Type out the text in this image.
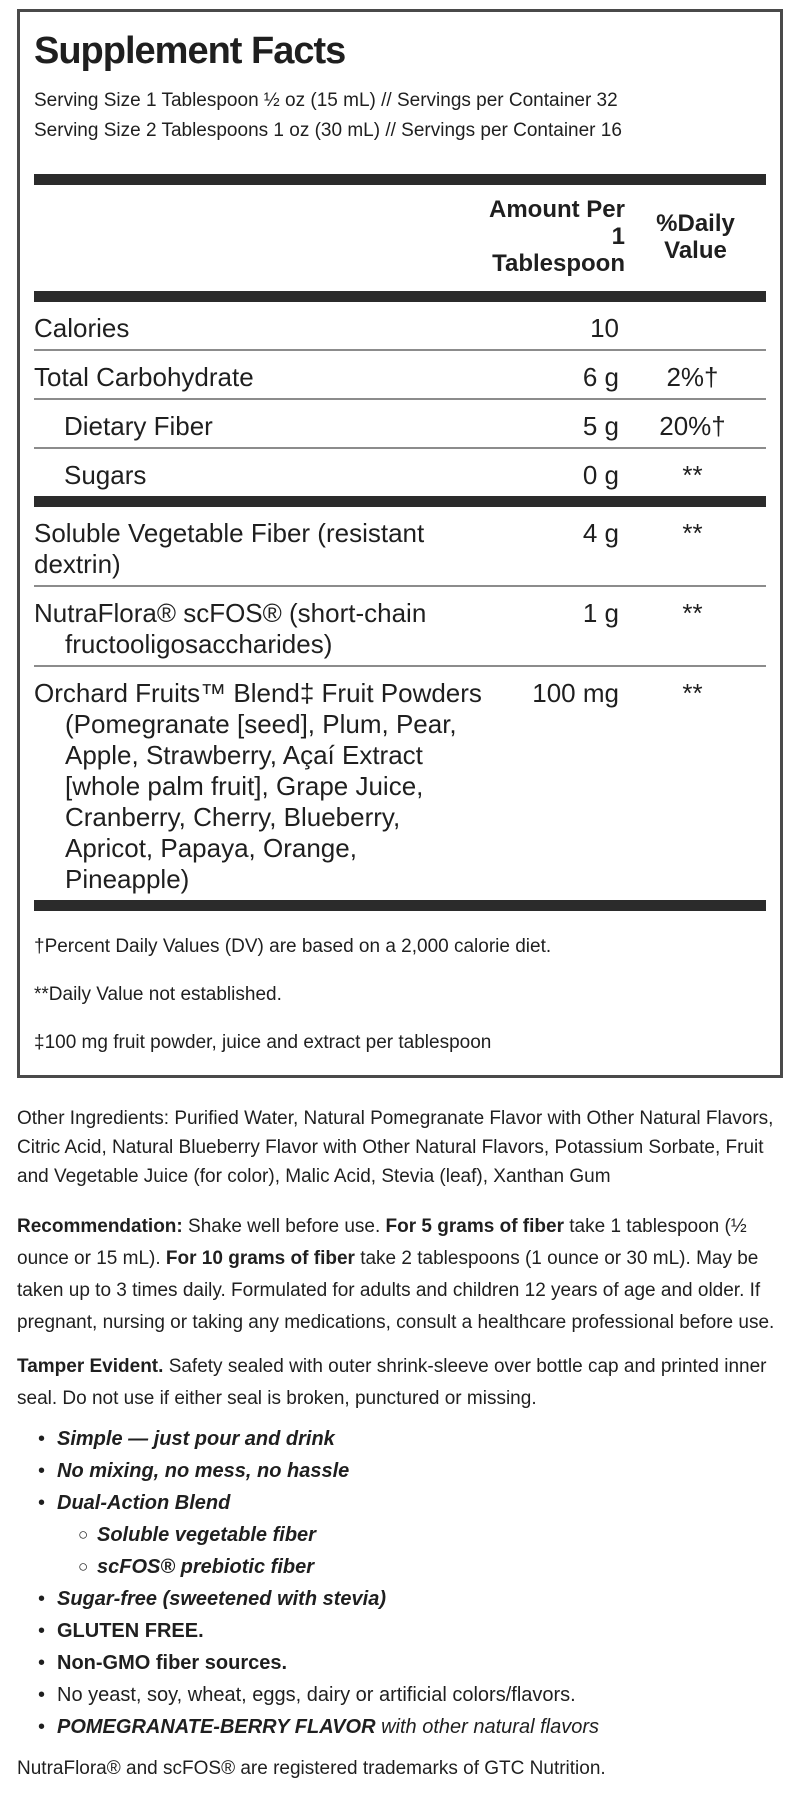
Supplement Facts
Serving Size 1 Tablespoon ½ oz (15 mL) // Servings per Container 32
Serving Size 2 Tablespoons 1 oz (30 mL) // Servings per Container 16
Amount Per
1
Tablespoon
%Daily
Value
Calories	10
Total Carbohydrate	6 g	2%†
Dietary Fiber	5 g	20%†
Sugars	0 g	**
Soluble Vegetable Fiber (resistant
dextrin)
4 g	**
NutraFlora® scFOS® (short-chain
fructooligosaccharides)
1 g	**
Orchard Fruits™ Blend‡ Fruit Powders
(Pomegranate [seed], Plum, Pear,
Apple, Strawberry, Açaí Extract
[whole palm fruit], Grape Juice,
Cranberry, Cherry, Blueberry,
Apricot, Papaya, Orange,
Pineapple)
100 mg	**
†Percent Daily Values (DV) are based on a 2,000 calorie diet.
**Daily Value not established.
‡100 mg fruit powder, juice and extract per tablespoon

Other Ingredients: Purified Water, Natural Pomegranate Flavor with Other Natural Flavors, Citric Acid, Natural Blueberry Flavor with Other Natural Flavors, Potassium Sorbate, Fruit and Vegetable Juice (for color), Malic Acid, Stevia (leaf), Xanthan Gum

Recommendation: Shake well before use. For 5 grams of fiber take 1 tablespoon (½ ounce or 15 mL). For 10 grams of fiber take 2 tablespoons (1 ounce or 30 mL). May be taken up to 3 times daily. Formulated for adults and children 12 years of age and older. If pregnant, nursing or taking any medications, consult a healthcare professional before use.

Tamper Evident. Safety sealed with outer shrink-sleeve over bottle cap and printed inner seal. Do not use if either seal is broken, punctured or missing.

• Simple — just pour and drink
• No mixing, no mess, no hassle
• Dual-Action Blend
○ Soluble vegetable fiber
○ scFOS® prebiotic fiber
• Sugar-free (sweetened with stevia)
• GLUTEN FREE.
• Non-GMO fiber sources.
• No yeast, soy, wheat, eggs, dairy or artificial colors/flavors.
• POMEGRANATE-BERRY FLAVOR with other natural flavors

NutraFlora® and scFOS® are registered trademarks of GTC Nutrition.
